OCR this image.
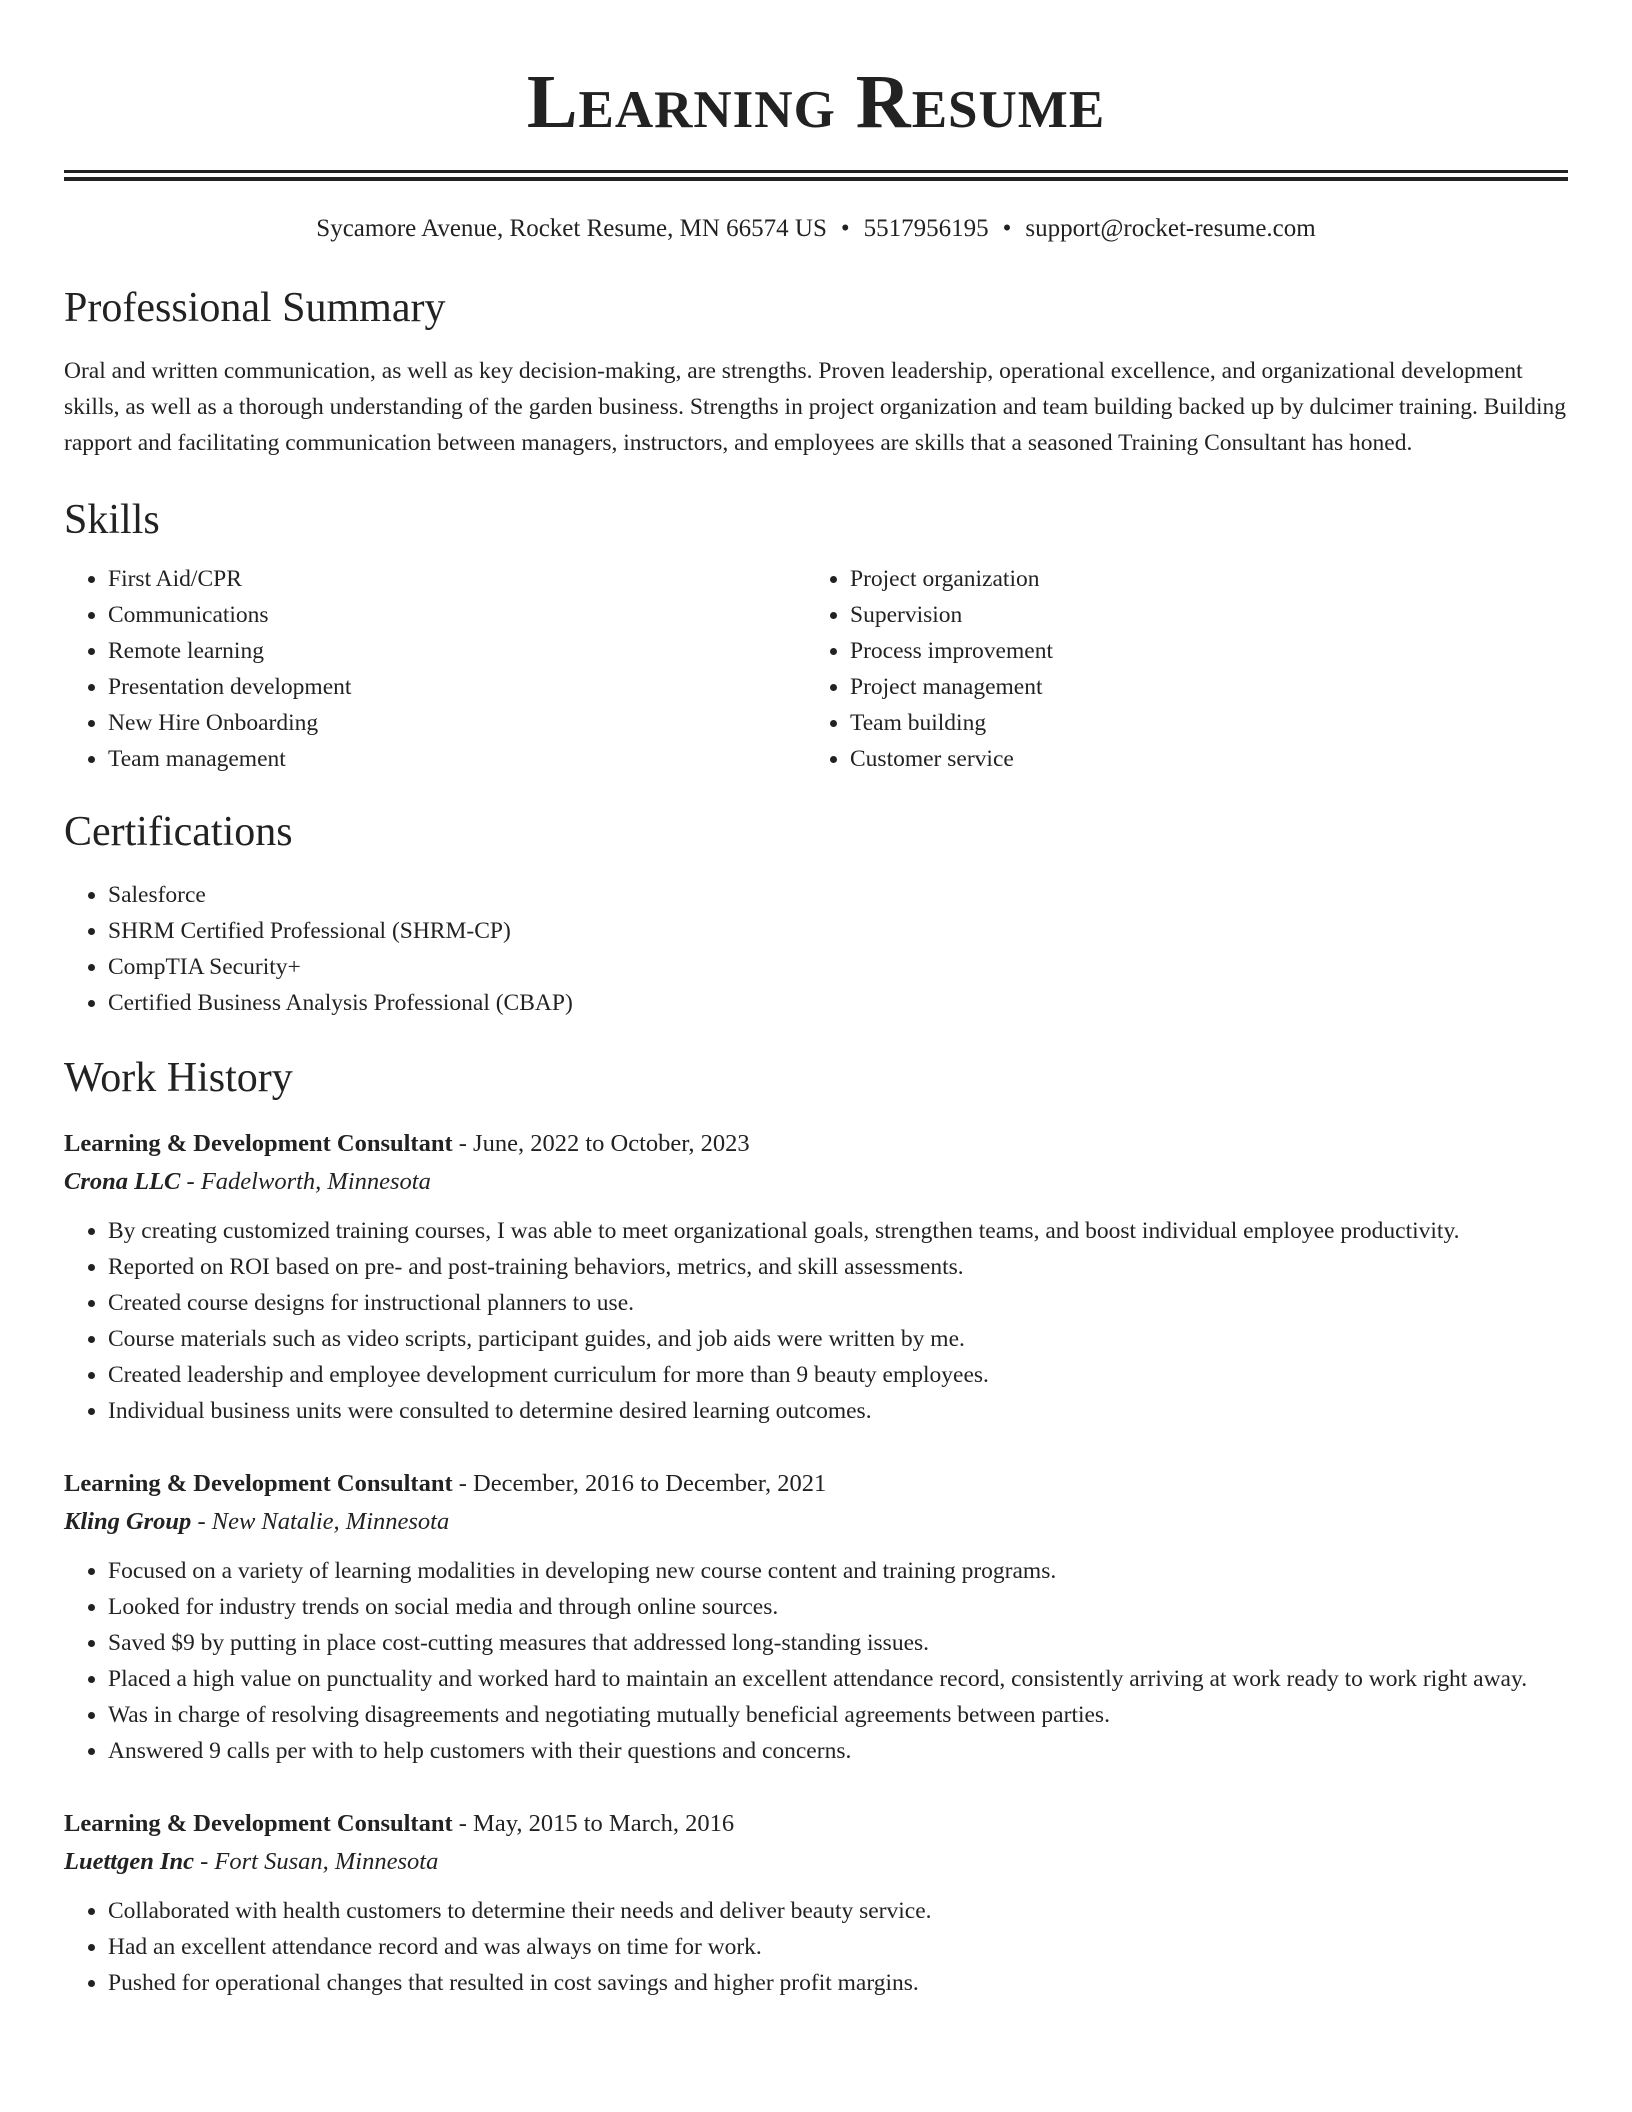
Learning Resume
Sycamore Avenue, Rocket Resume, MN 66574 US • 5517956195 • support@rocket-resume.com
Professional Summary

Oral and written communication, as well as key decision-making, are strengths. Proven leadership, operational excellence, and organizational development skills, as well as a thorough understanding of the garden business. Strengths in project organization and team building backed up by dulcimer training. Building rapport and facilitating communication between managers, instructors, and employees are skills that a seasoned Training Consultant has honed.

Skills
• First Aid/CPR
• Communications
• Remote learning
• Presentation development
• New Hire Onboarding
• Team management
• Project organization
• Supervision
• Process improvement
• Project management
• Team building
• Customer service
Certifications
• Salesforce
• SHRM Certified Professional (SHRM-CP)
• CompTIA Security+
• Certified Business Analysis Professional (CBAP)
Work History
Learning & Development Consultant - June, 2022 to October, 2023
Crona LLC - Fadelworth, Minnesota
• By creating customized training courses, I was able to meet organizational goals, strengthen teams, and boost individual employee productivity.
• Reported on ROI based on pre- and post-training behaviors, metrics, and skill assessments.
• Created course designs for instructional planners to use.
• Course materials such as video scripts, participant guides, and job aids were written by me.
• Created leadership and employee development curriculum for more than 9 beauty employees.
• Individual business units were consulted to determine desired learning outcomes.
Learning & Development Consultant - December, 2016 to December, 2021
Kling Group - New Natalie, Minnesota
• Focused on a variety of learning modalities in developing new course content and training programs.
• Looked for industry trends on social media and through online sources.
• Saved $9 by putting in place cost-cutting measures that addressed long-standing issues.
• Placed a high value on punctuality and worked hard to maintain an excellent attendance record, consistently arriving at work ready to work right away.
• Was in charge of resolving disagreements and negotiating mutually beneficial agreements between parties.
• Answered 9 calls per with to help customers with their questions and concerns.
Learning & Development Consultant - May, 2015 to March, 2016
Luettgen Inc - Fort Susan, Minnesota
• Collaborated with health customers to determine their needs and deliver beauty service.
• Had an excellent attendance record and was always on time for work.
• Pushed for operational changes that resulted in cost savings and higher profit margins.
